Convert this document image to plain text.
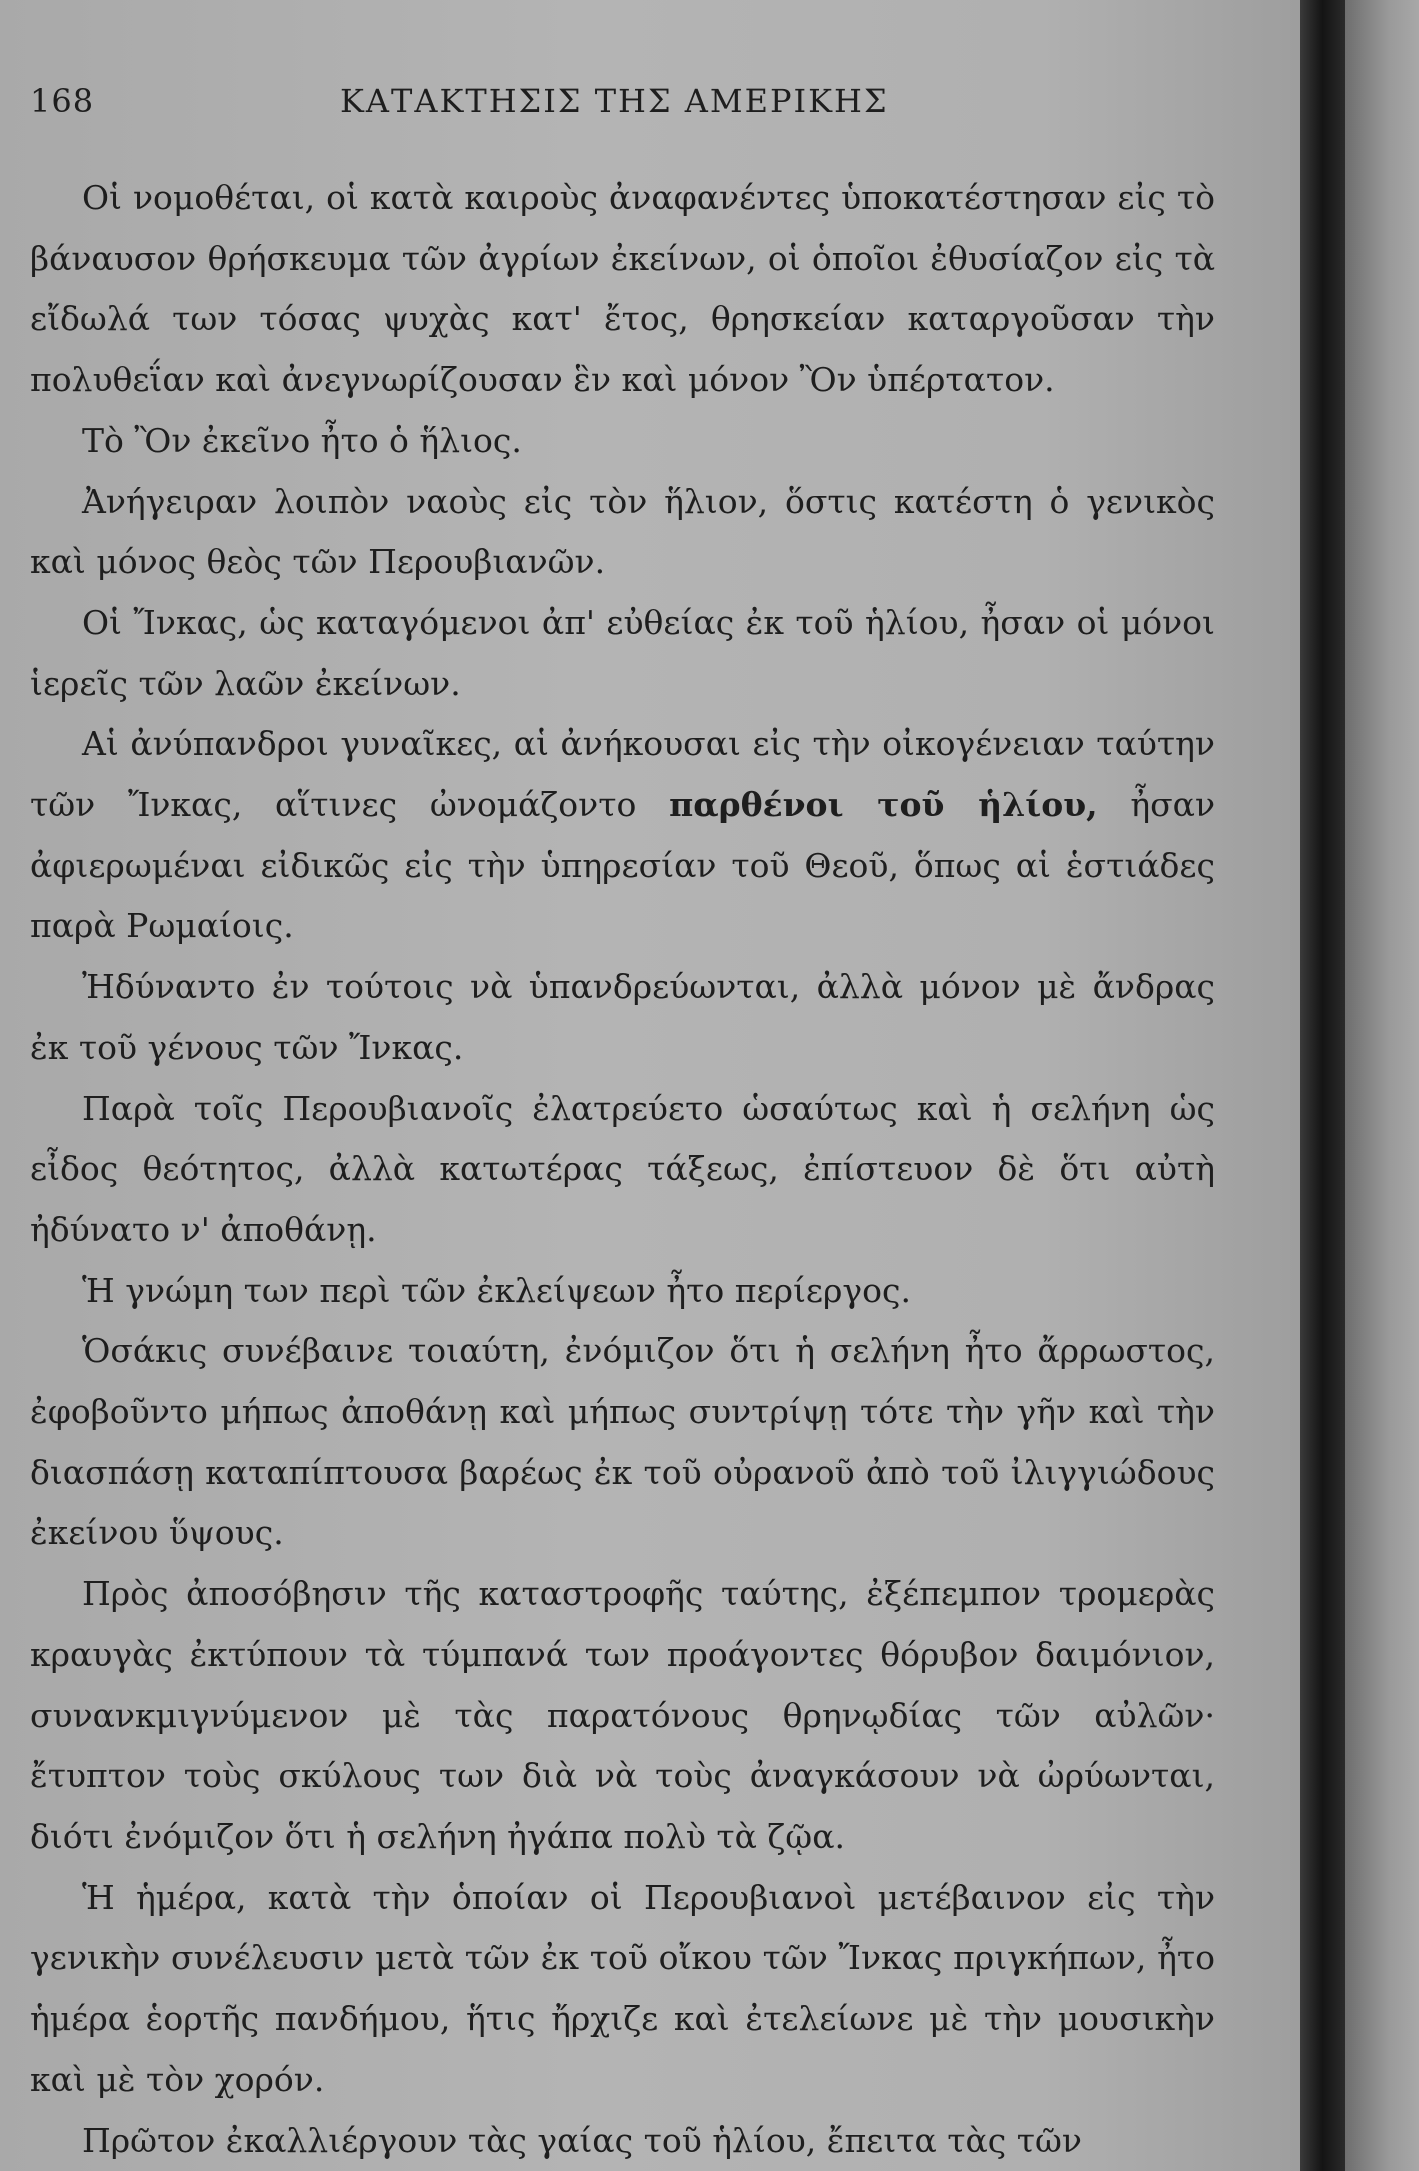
168	ΚΑΤΑΚΤΗΣΙΣ ΤΗΣ ΑΜΕΡΙΚΗΣ

Οἱ νομοθέται, οἱ κατὰ καιροὺς ἀναφανέντες ὑποκατέστησαν εἰς τὸ βάναυσον θρήσκευμα τῶν ἀγρίων ἐκείνων, οἱ ὁποῖοι ἐθυσίαζον εἰς τὰ εἴδωλά των τόσας ψυχὰς κατ' ἔτος, θρησκείαν καταργοῦσαν τὴν πολυθεΐαν καὶ ἀνεγνωρίζουσαν ἓν καὶ μόνον Ὂν ὑπέρτατον.

Τὸ Ὂν ἐκεῖνο ἦτο ὁ ἥλιος.

Ἀνήγειραν λοιπὸν ναοὺς εἰς τὸν ἥλιον, ὅστις κατέστη ὁ γενικὸς καὶ μόνος θεὸς τῶν Περουβιανῶν.

Οἱ Ἴνκας, ὡς καταγόμενοι ἀπ' εὐθείας ἐκ τοῦ ἡλίου, ἦσαν οἱ μόνοι ἱερεῖς τῶν λαῶν ἐκείνων.

Αἱ ἀνύπανδροι γυναῖκες, αἱ ἀνήκουσαι εἰς τὴν οἰκογένειαν ταύτην τῶν Ἴνκας, αἵτινες ὠνομάζοντο παρθένοι τοῦ ἡλίου, ἦσαν ἀφιερωμέναι εἰδικῶς εἰς τὴν ὑπηρεσίαν τοῦ Θεοῦ, ὅπως αἱ ἑστιάδες παρὰ Ρωμαίοις.

Ἠδύναντο ἐν τούτοις νὰ ὑπανδρεύωνται, ἀλλὰ μόνον μὲ ἄνδρας ἐκ τοῦ γένους τῶν Ἴνκας.

Παρὰ τοῖς Περουβιανοῖς ἐλατρεύετο ὡσαύτως καὶ ἡ σελήνη ὡς εἶδος θεότητος, ἀλλὰ κατωτέρας τάξεως, ἐπίστευον δὲ ὅτι αὐτὴ ἠδύνατο ν' ἀποθάνῃ.

Ἡ γνώμη των περὶ τῶν ἐκλείψεων ἦτο περίεργος.

Ὁσάκις συνέβαινε τοιαύτη, ἐνόμιζον ὅτι ἡ σελήνη ἦτο ἄρρωστος, ἐφοβοῦντο μήπως ἀποθάνῃ καὶ μήπως συντρίψῃ τότε τὴν γῆν καὶ τὴν διασπάσῃ καταπίπτουσα βαρέως ἐκ τοῦ οὐρανοῦ ἀπὸ τοῦ ἰλιγγιώδους ἐκείνου ὕψους.

Πρὸς ἀποσόβησιν τῆς καταστροφῆς ταύτης, ἐξέπεμπον τρομερὰς κραυγὰς ἐκτύπουν τὰ τύμπανά των προάγοντες θόρυβον δαιμόνιον, συνανκμιγνύμενον μὲ τὰς παρατόνους θρηνῳδίας τῶν αὐλῶν· ἔτυπτον τοὺς σκύλους των διὰ νὰ τοὺς ἀναγκάσουν νὰ ὠρύωνται, διότι ἐνόμιζον ὅτι ἡ σελήνη ἠγάπα πολὺ τὰ ζῷα.

Ἡ ἡμέρα, κατὰ τὴν ὁποίαν οἱ Περουβιανοὶ μετέβαινον εἰς τὴν γενικὴν συνέλευσιν μετὰ τῶν ἐκ τοῦ οἴκου τῶν Ἴνκας πριγκήπων, ἦτο ἡμέρα ἑορτῆς πανδήμου, ἥτις ἤρχιζε καὶ ἐτελείωνε μὲ τὴν μουσικὴν καὶ μὲ τὸν χορόν.

Πρῶτον ἐκαλλιέργουν τὰς γαίας τοῦ ἡλίου, ἔπειτα τὰς τῶν
